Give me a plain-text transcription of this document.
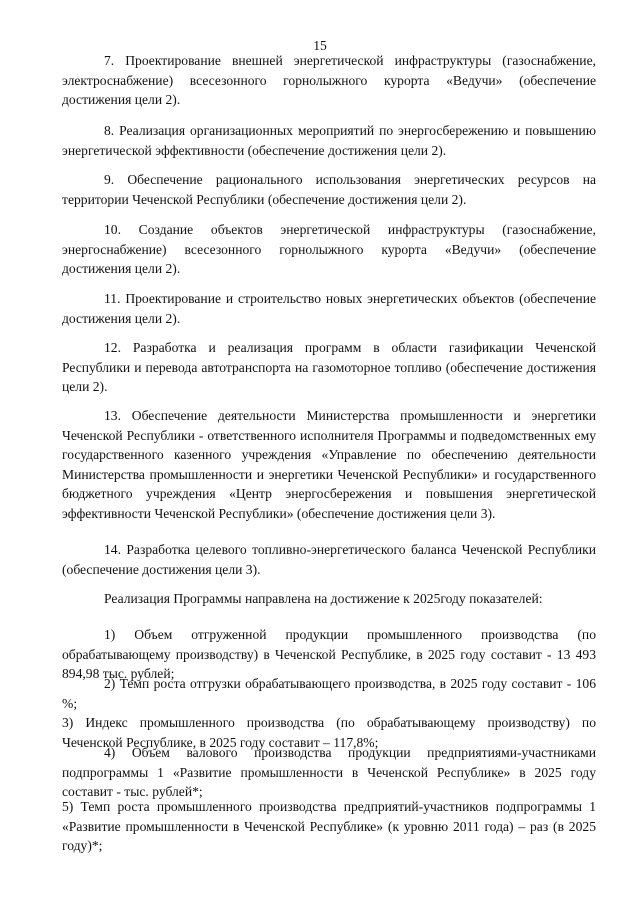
15

7. Проектирование внешней энергетической инфраструктуры (газоснабжение, электроснабжение) всесезонного горнолыжного курорта «Ведучи» (обеспечение достижения цели 2).

8. Реализация организационных мероприятий по энергосбережению и повышению энергетической эффективности (обеспечение достижения цели 2).

9. Обеспечение рационального использования энергетических ресурсов на территории Чеченской Республики (обеспечение достижения цели 2).

10. Создание объектов энергетической инфраструктуры (газоснабжение, энергоснабжение) всесезонного горнолыжного курорта «Ведучи» (обеспечение достижения цели 2).

11. Проектирование и строительство новых энергетических объектов (обеспечение достижения цели 2).

12. Разработка и реализация программ в области газификации Чеченской Республики и перевода автотранспорта на газомоторное топливо (обеспечение достижения цели 2).

13. Обеспечение деятельности Министерства промышленности и энергетики Чеченской Республики - ответственного исполнителя Программы и подведомственных ему государственного казенного учреждения «Управление по обеспечению деятельности Министерства промышленности и энергетики Чеченской Республики» и государственного бюджетного учреждения «Центр энергосбережения и повышения энергетической эффективности Чеченской Республики» (обеспечение достижения цели 3).

14. Разработка целевого топливно-энергетического баланса Чеченской Республики (обеспечение достижения цели 3).

Реализация Программы направлена на достижение к 2025году показателей:

1) Объем отгруженной продукции промышленного производства (по обрабатывающему производству) в Чеченской Республике, в 2025 году составит - 13 493 894,98 тыс. рублей;

2) Темп роста отгрузки обрабатывающего производства, в 2025 году составит - 106 %;

3) Индекс промышленного производства (по обрабатывающему производству) по Чеченской Республике, в 2025 году составит – 117,8%;

4) Объем валового производства продукции предприятиями-участниками подпрограммы 1 «Развитие промышленности в Чеченской Республике» в 2025 году составит - тыс. рублей*;

5) Темп роста промышленного производства предприятий-участников подпрограммы 1 «Развитие промышленности в Чеченской Республике» (к уровню 2011 года) – раз (в 2025 году)*;
